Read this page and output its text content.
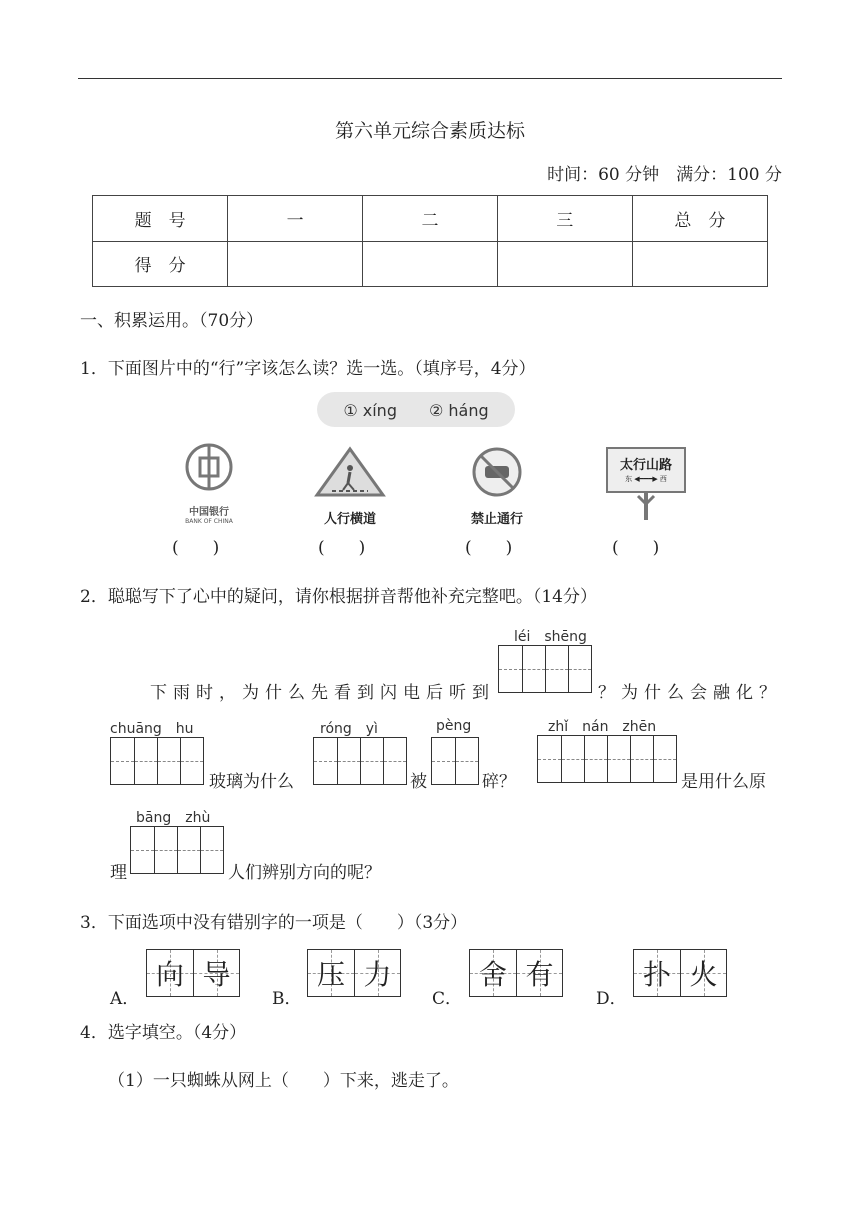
第六单元综合素质达标
时间：60 分钟　满分：100 分
题　号	一	二	三	总　分
得　分				
一、积累运用。（70分）
1．下面图片中的“行”字该怎么读？选一选。（填序号，4分）
① xíng　　② háng
中国银行
BANK OF CHINA	人行横道	禁止通行
太行山路
东 ◀━━━▶ 西
(　　)	(　　)	(　　)	(　　)
2．聪聪写下了心中的疑问，请你根据拼音帮他补充完整吧。（14分）
léi　shēng
下雨时，为什么先看到闪电后听到	？为什么会融化？
chuāng　hu
玻璃为什么
róng　yì
被
pèng
碎？
zhǐ　nán　zhēn
是用什么原
bāng　zhù
理	人们辨别方向的呢？
3．下面选项中没有错别字的一项是（　　）（3分）
A．
向 导
B．
压 力
C．
舍 有
D．
扑 火
4．选字填空。（4分）
（1）一只蜘蛛从网上（　　）下来，逃走了。
